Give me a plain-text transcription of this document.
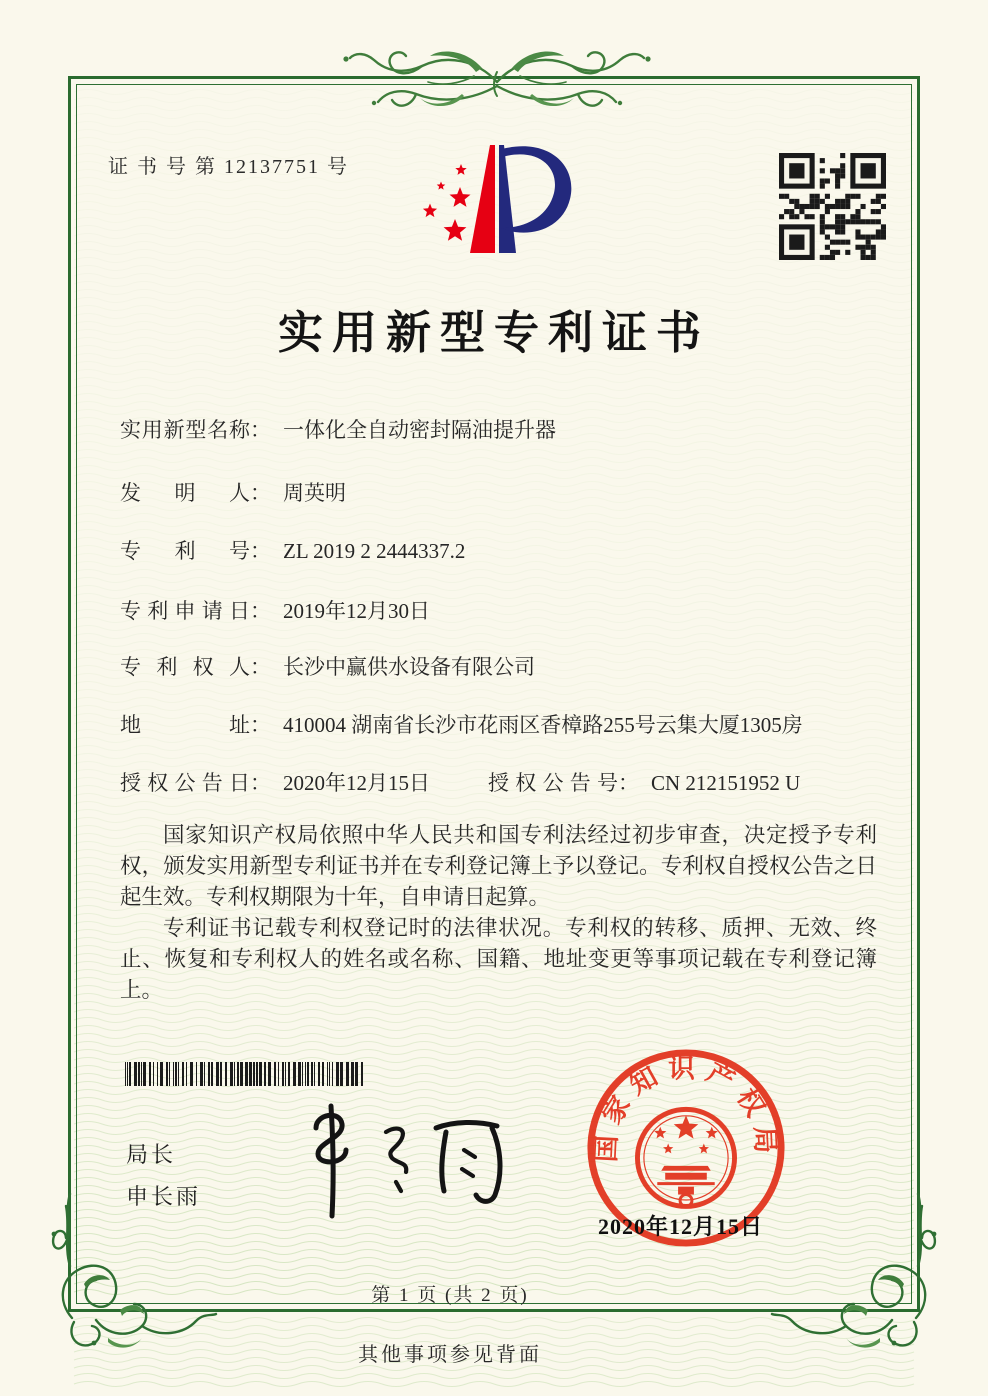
证 书 号 第 12137751 号
实用新型专利证书
实用新型名称： 一体化全自动密封隔油提升器
发明人： 周英明
专利号： ZL 2019 2 2444337.2
专利申请日： 2019年12月30日
专利权人： 长沙中赢供水设备有限公司
地址： 410004 湖南省长沙市花雨区香樟路255号云集大厦1305房
授权公告日： 2020年12月15日	授权公告号： CN 212151952 U

国家知识产权局依照中华人民共和国专利法经过初步审查，决定授予专利权，颁发实用新型专利证书并在专利登记簿上予以登记。专利权自授权公告之日起生效。专利权期限为十年，自申请日起算。

专利证书记载专利权登记时的法律状况。专利权的转移、质押、无效、终止、恢复和专利权人的姓名或名称、国籍、地址变更等事项记载在专利登记簿上。

局长
申长雨
国家知识产权局
2020年12月15日
第 1 页 (共 2 页)
其他事项参见背面
